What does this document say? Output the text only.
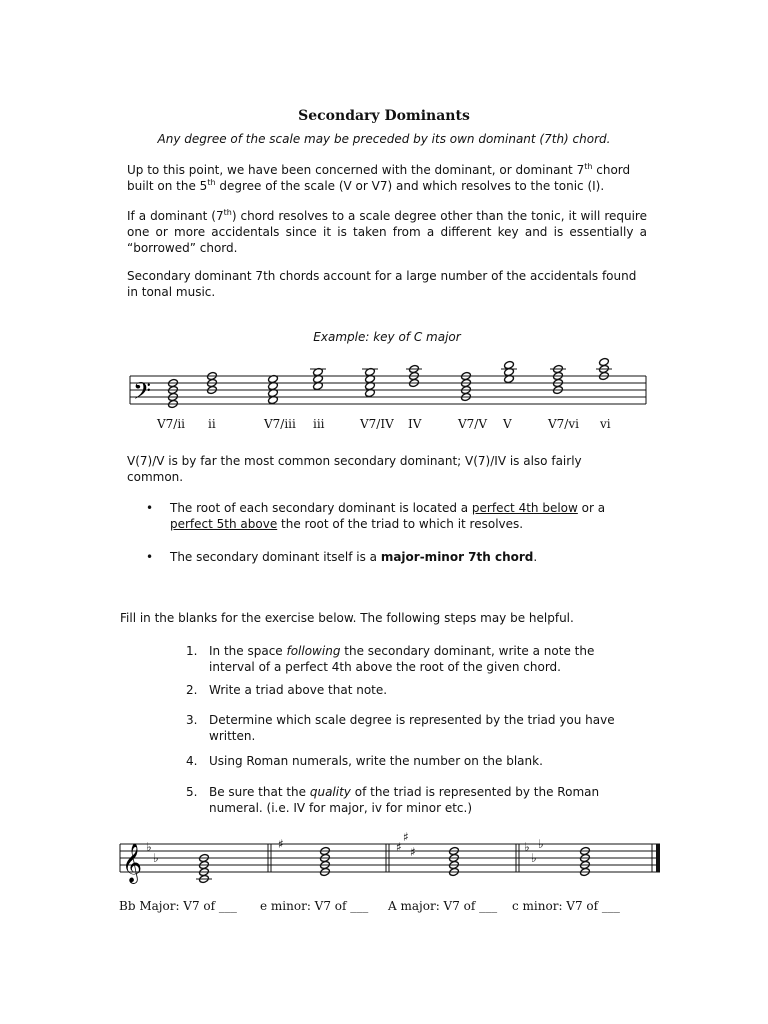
Secondary Dominants
Any degree of the scale may be preceded by its own dominant (7th) chord.
Up to this point, we have been concerned with the dominant, or dominant 7th chord built on the 5th degree of the scale (V or V7) and which resolves to the tonic (I).
If a dominant (7th) chord resolves to a scale degree other than the tonic, it will require one or more accidentals since it is taken from a different key and is essentially a “borrowed” chord.
Secondary dominant 7th chords account for a large number of the accidentals found in tonal music.
Example: key of C major
𝄢
𝄞 ♭
♭
♯	♯
♯
♯	♭
♭
♭
V7/ii ii	V7/iii iii	V7/IV IV	V7/V V	V7/vi vi
V(7)/V is by far the most common secondary dominant; V(7)/IV is also fairly common.
• The root of each secondary dominant is located a perfect 4th below or a perfect 5th above the root of the triad to which it resolves.
• The secondary dominant itself is a major-minor 7th chord.
Fill in the blanks for the exercise below. The following steps may be helpful.
1. In the space following the secondary dominant, write a note the interval of a perfect 4th above the root of the given chord.
2. Write a triad above that note.
3. Determine which scale degree is represented by the triad you have written.
4. Using Roman numerals, write the number on the blank.
5. Be sure that the quality of the triad is represented by the Roman numeral. (i.e. IV for major, iv for minor etc.)
Bb Major: V7 of ___ e minor: V7 of ___ A major: V7 of ___ c minor: V7 of ___
